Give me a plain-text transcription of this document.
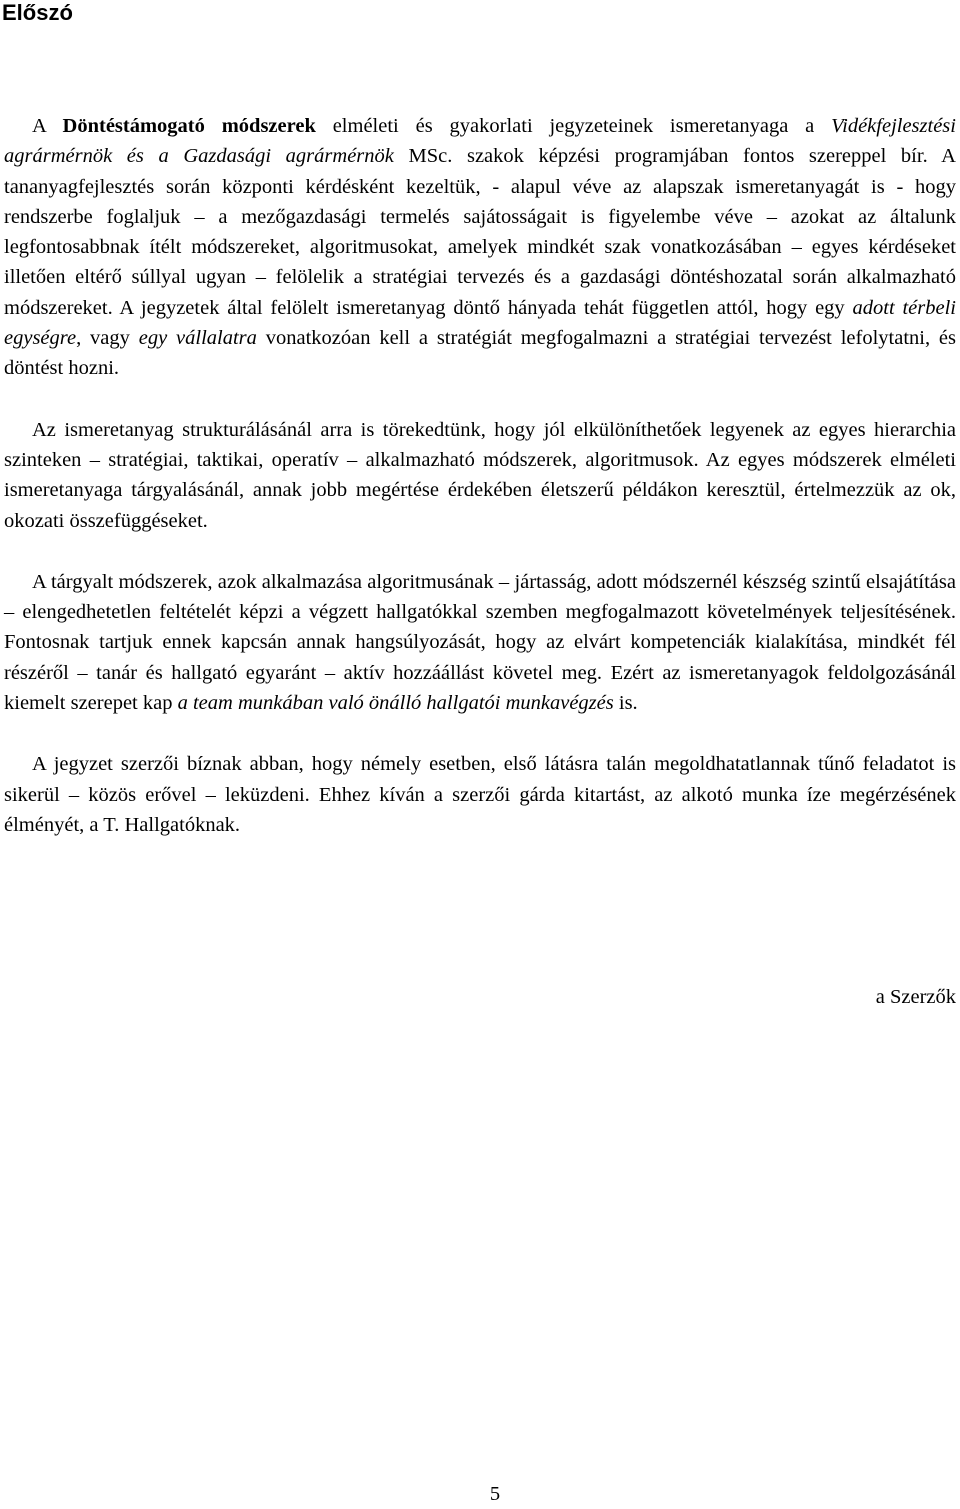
Előszó

A Döntéstámogató módszerek elméleti és gyakorlati jegyzeteinek ismeretanyaga a Vidékfejlesztési agrármérnök és a Gazdasági agrármérnök MSc. szakok képzési programjában fontos szereppel bír. A tananyagfejlesztés során központi kérdésként kezeltük, - alapul véve az alapszak ismeretanyagát is - hogy rendszerbe foglaljuk – a mezőgazdasági termelés sajátosságait is figyelembe véve – azokat az általunk legfontosabbnak ítélt módszereket, algoritmusokat, amelyek mindkét szak vonatkozásában – egyes kérdéseket illetően eltérő súllyal ugyan – felölelik a stratégiai tervezés és a gazdasági döntéshozatal során alkalmazható módszereket. A jegyzetek által felölelt ismeretanyag döntő hányada tehát független attól, hogy egy adott térbeli egységre, vagy egy vállalatra vonatkozóan kell a stratégiát megfogalmazni a stratégiai tervezést lefolytatni, és döntést hozni.

Az ismeretanyag strukturálásánál arra is törekedtünk, hogy jól elkülöníthetőek legyenek az egyes hierarchia szinteken – stratégiai, taktikai, operatív – alkalmazható módszerek, algoritmusok. Az egyes módszerek elméleti ismeretanyaga tárgyalásánál, annak jobb megértése érdekében életszerű példákon keresztül, értelmezzük az ok, okozati összefüggéseket.

A tárgyalt módszerek, azok alkalmazása algoritmusának – jártasság, adott módszernél készség szintű elsajátítása – elengedhetetlen feltételét képzi a végzett hallgatókkal szemben megfogalmazott követelmények teljesítésének. Fontosnak tartjuk ennek kapcsán annak hangsúlyozását, hogy az elvárt kompetenciák kialakítása, mindkét fél részéről – tanár és hallgató egyaránt – aktív hozzáállást követel meg. Ezért az ismeretanyagok feldolgozásánál kiemelt szerepet kap a team munkában való önálló hallgatói munkavégzés is.

A jegyzet szerzői bíznak abban, hogy némely esetben, első látásra talán megoldhatatlannak tűnő feladatot is sikerül – közös erővel – leküzdeni. Ehhez kíván a szerzői gárda kitartást, az alkotó munka íze megérzésének élményét, a T. Hallgatóknak.

a Szerzők

5
